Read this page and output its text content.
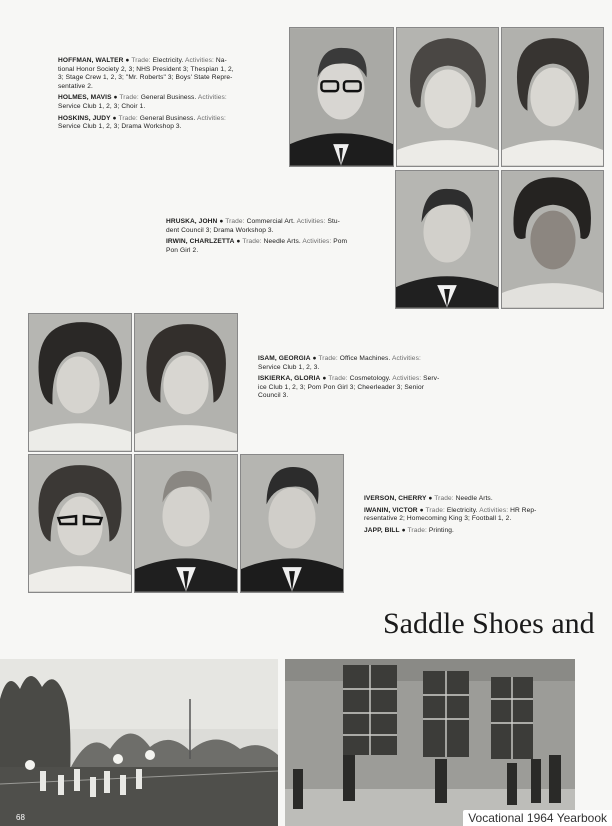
HOFFMAN, WALTER ● Trade: Electricity. Activities: Na-
tional Honor Society 2, 3; NHS President 3; Thespian 1, 2,
3; Stage Crew 1, 2, 3; "Mr. Roberts" 3; Boys' State Repre-
sentative 2.

HOLMES, MAVIS ● Trade: General Business. Activities:
Service Club 1, 2, 3; Choir 1.

HOSKINS, JUDY ● Trade: General Business. Activities:
Service Club 1, 2, 3; Drama Workshop 3.

HRUSKA, JOHN ● Trade: Commercial Art. Activities: Stu-
dent Council 3; Drama Workshop 3.

IRWIN, CHARLZETTA ● Trade: Needle Arts. Activities: Pom
Pon Girl 2.

ISAM, GEORGIA ● Trade: Office Machines. Activities:
Service Club 1, 2, 3.

ISKIERKA, GLORIA ● Trade: Cosmetology. Activities: Serv-
ice Club 1, 2, 3; Pom Pon Girl 3; Cheerleader 3; Senior
Council 3.

IVERSON, CHERRY ● Trade: Needle Arts.

IWANIN, VICTOR ● Trade: Electricity. Activities: HR Rep-
resentative 2; Homecoming King 3; Football 1, 2.

JAPP, BILL ● Trade: Printing.

Saddle Shoes and
68	Vocational 1964 Yearbook
